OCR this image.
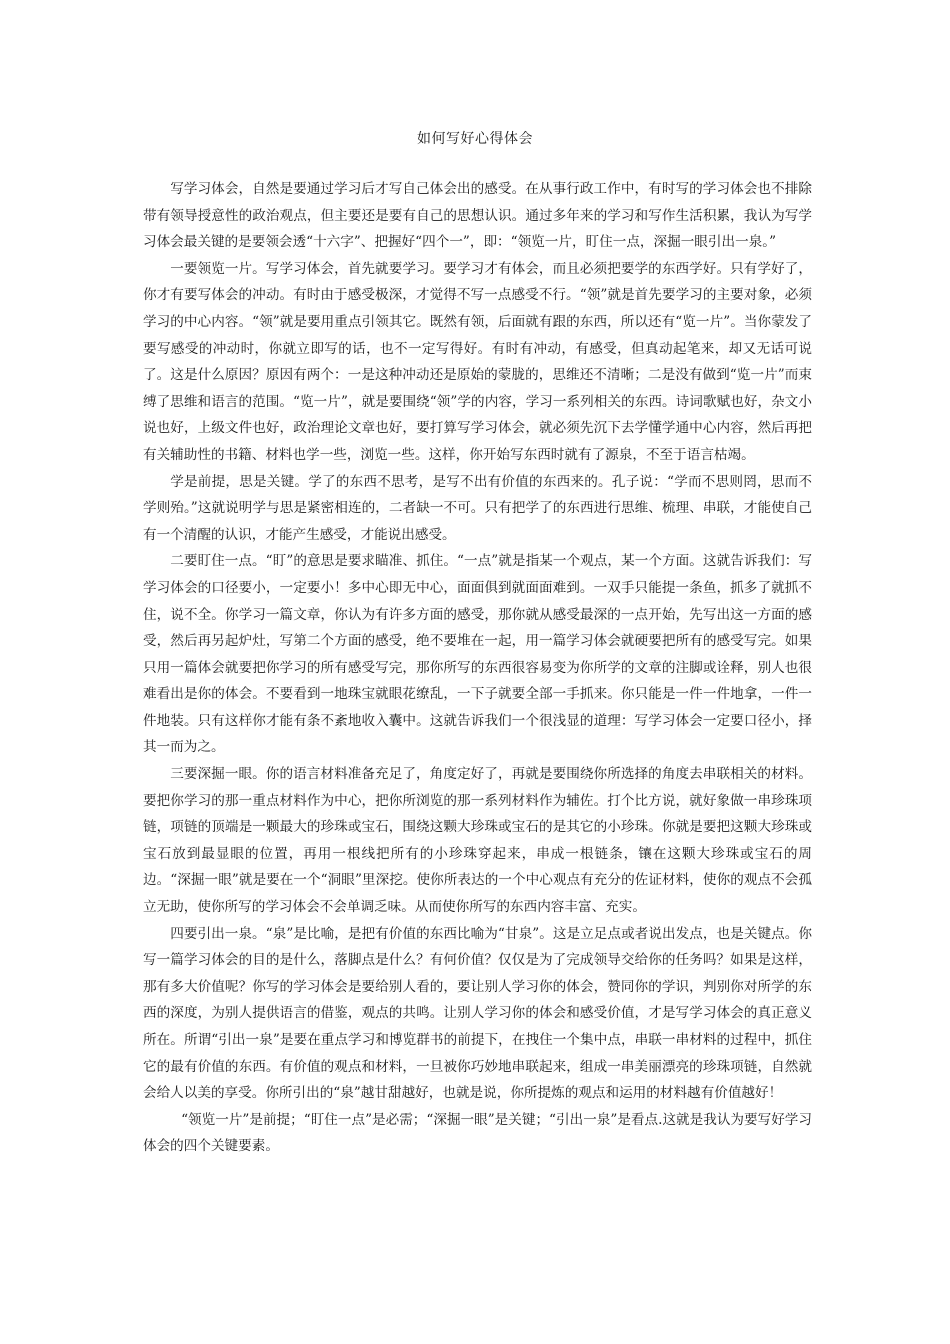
如何写好心得体会

写学习体会，自然是要通过学习后才写自己体会出的感受。在从事行政工作中，有时写的学习体会也不排除带有领导授意性的政治观点，但主要还是要有自己的思想认识。通过多年来的学习和写作生活积累，我认为写学习体会最关键的是要领会透“十六字”、把握好“四个一”，即：“领览一片，盯住一点，深掘一眼引出一泉。”

一要领览一片。写学习体会，首先就要学习。要学习才有体会，而且必须把要学的东西学好。只有学好了，你才有要写体会的冲动。有时由于感受极深，才觉得不写一点感受不行。“领”就是首先要学习的主要对象，必须学习的中心内容。“领”就是要用重点引领其它。既然有领，后面就有跟的东西，所以还有“览一片”。当你蒙发了要写感受的冲动时，你就立即写的话，也不一定写得好。有时有冲动，有感受，但真动起笔来，却又无话可说了。这是什么原因？原因有两个：一是这种冲动还是原始的蒙胧的，思维还不清晰；二是没有做到“览一片”而束缚了思维和语言的范围。“览一片”，就是要围绕“领”学的内容，学习一系列相关的东西。诗词歌赋也好，杂文小说也好，上级文件也好，政治理论文章也好，要打算写学习体会，就必须先沉下去学懂学通中心内容，然后再把有关辅助性的书籍、材料也学一些，浏览一些。这样，你开始写东西时就有了源泉，不至于语言枯竭。

学是前提，思是关键。学了的东西不思考，是写不出有价值的东西来的。孔子说：“学而不思则罔，思而不学则殆。”这就说明学与思是紧密相连的，二者缺一不可。只有把学了的东西进行思维、梳理、串联，才能使自己有一个清醒的认识，才能产生感受，才能说出感受。

二要盯住一点。“盯”的意思是要求瞄准、抓住。“一点”就是指某一个观点，某一个方面。这就告诉我们：写学习体会的口径要小，一定要小！多中心即无中心，面面俱到就面面难到。一双手只能提一条鱼，抓多了就抓不住，说不全。你学习一篇文章，你认为有许多方面的感受，那你就从感受最深的一点开始，先写出这一方面的感受，然后再另起炉灶，写第二个方面的感受，绝不要堆在一起，用一篇学习体会就硬要把所有的感受写完。如果只用一篇体会就要把你学习的所有感受写完，那你所写的东西很容易变为你所学的文章的注脚或诠释，别人也很难看出是你的体会。不要看到一地珠宝就眼花缭乱，一下子就要全部一手抓来。你只能是一件一件地拿，一件一件地装。只有这样你才能有条不紊地收入囊中。这就告诉我们一个很浅显的道理：写学习体会一定要口径小，择其一而为之。

三要深掘一眼。你的语言材料准备充足了，角度定好了，再就是要围绕你所选择的角度去串联相关的材料。要把你学习的那一重点材料作为中心，把你所浏览的那一系列材料作为辅佐。打个比方说，就好象做一串珍珠项链，项链的顶端是一颗最大的珍珠或宝石，围绕这颗大珍珠或宝石的是其它的小珍珠。你就是要把这颗大珍珠或宝石放到最显眼的位置，再用一根线把所有的小珍珠穿起来，串成一根链条，镶在这颗大珍珠或宝石的周边。“深掘一眼”就是要在一个“洞眼”里深挖。使你所表达的一个中心观点有充分的佐证材料，使你的观点不会孤立无助，使你所写的学习体会不会单调乏味。从而使你所写的东西内容丰富、充实。

四要引出一泉。“泉”是比喻，是把有价值的东西比喻为“甘泉”。这是立足点或者说出发点，也是关键点。你写一篇学习体会的目的是什么，落脚点是什么？有何价值？仅仅是为了完成领导交给你的任务吗？如果是这样，那有多大价值呢？你写的学习体会是要给别人看的，要让别人学习你的体会，赞同你的学识，判别你对所学的东西的深度，为别人提供语言的借鉴，观点的共鸣。让别人学习你的体会和感受价值，才是写学习体会的真正意义所在。所谓“引出一泉”是要在重点学习和博览群书的前提下，在拽住一个集中点，串联一串材料的过程中，抓住它的最有价值的东西。有价值的观点和材料，一旦被你巧妙地串联起来，组成一串美丽漂亮的珍珠项链，自然就会给人以美的享受。你所引出的“泉”越甘甜越好，也就是说，你所提炼的观点和运用的材料越有价值越好！

“领览一片”是前提；“盯住一点”是必需；“深掘一眼”是关键；“引出一泉”是看点.这就是我认为要写好学习体会的四个关键要素。
